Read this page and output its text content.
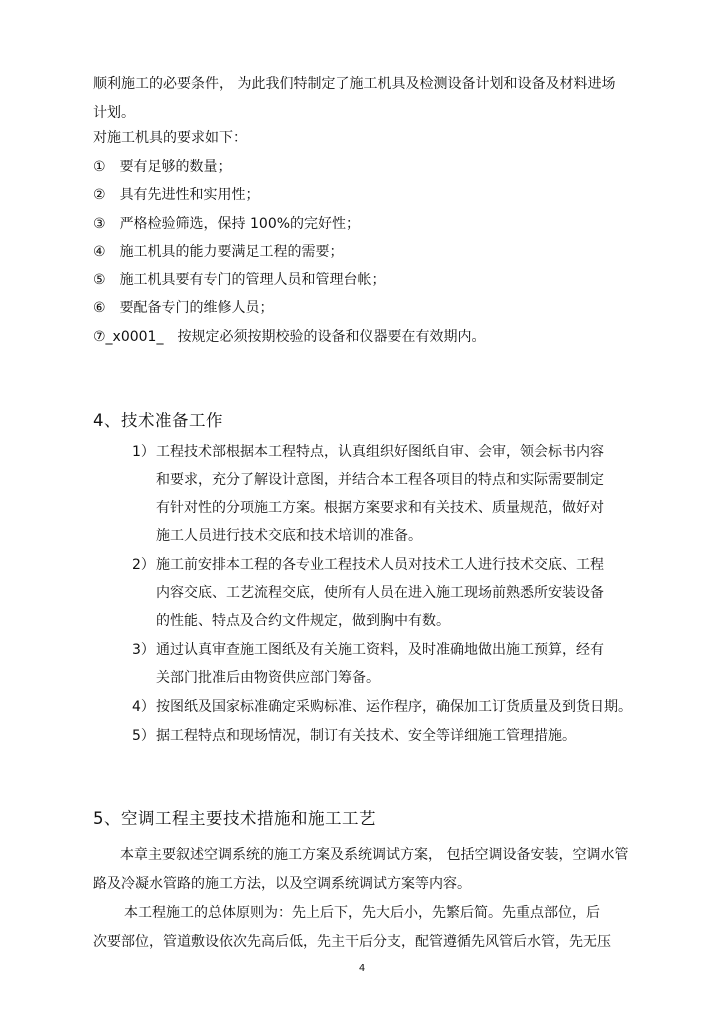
顺利施工的必要条件， 为此我们特制定了施工机具及检测设备计划和设备及材料进场
计划。
对施工机具的要求如下：
① 要有足够的数量；
② 具有先进性和实用性；
③ 严格检验筛选，保持 100%的完好性；
④ 施工机具的能力要满足工程的需要；
⑤ 施工机具要有专门的管理人员和管理台帐；
⑥ 要配备专门的维修人员；
⑦_x0001_ 按规定必须按期校验的设备和仪器要在有效期内。
4、技术准备工作
1） 工程技术部根据本工程特点，认真组织好图纸自审、会审，领会标书内容
和要求，充分了解设计意图，并结合本工程各项目的特点和实际需要制定
有针对性的分项施工方案。根据方案要求和有关技术、质量规范，做好对
施工人员进行技术交底和技术培训的准备。
2） 施工前安排本工程的各专业工程技术人员对技术工人进行技术交底、工程
内容交底、工艺流程交底，使所有人员在进入施工现场前熟悉所安装设备
的性能、特点及合约文件规定，做到胸中有数。
3） 通过认真审查施工图纸及有关施工资料，及时准确地做出施工预算，经有
关部门批准后由物资供应部门筹备。
4） 按图纸及国家标准确定采购标准、运作程序，确保加工订货质量及到货日期。
5） 据工程特点和现场情况，制订有关技术、安全等详细施工管理措施。
5、空调工程主要技术措施和施工工艺
本章主要叙述空调系统的施工方案及系统调试方案， 包括空调设备安装，空调水管
路及冷凝水管路的施工方法，以及空调系统调试方案等内容。
本工程施工的总体原则为：先上后下，先大后小，先繁后简。先重点部位，后
次要部位，管道敷设依次先高后低，先主干后分支，配管遵循先风管后水管，先无压
4
